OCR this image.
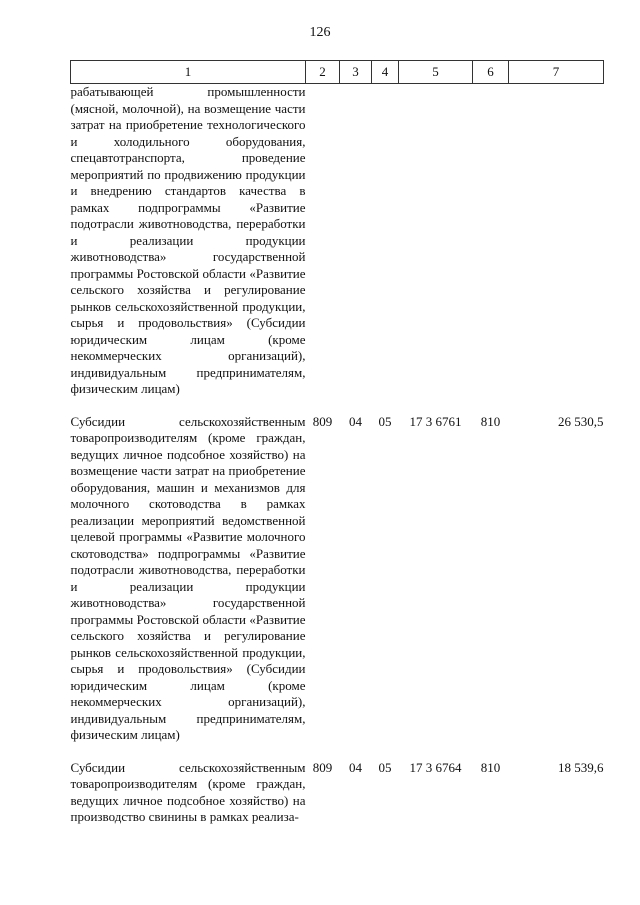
126
1	2	3	4	5	6	7
рабатывающей промышленности (мясной, молочной), на возмещение части затрат на приобретение технологического и холодильного оборудования, спецавтотранспорта, проведение мероприятий по продвижению продукции и внедрению стандартов качества в рамках подпрограммы «Развитие подотрасли животноводства, переработки и реализации продукции животноводства» государственной программы Ростовской области «Развитие сельского хозяйства и регулирование рынков сельскохозяйственной продукции, сырья и продовольствия» (Субсидии юридическим лицам (кроме некоммерческих организаций), индивидуальным предпринимателям, физическим лицам)						

Субсидии сельскохозяйственным товаропроизводителям (кроме граждан, ведущих личное подсобное хозяйство) на возмещение части затрат на приобретение оборудования, машин и механизмов для молочного скотоводства в рамках реализации мероприятий ведомственной целевой программы «Развитие молочного скотоводства» подпрограммы «Развитие подотрасли животноводства, переработки и реализации продукции животноводства» государственной программы Ростовской области «Развитие сельского хозяйства и регулирование рынков сельскохозяйственной продукции, сырья и продовольствия» (Субсидии юридическим лицам (кроме некоммерческих организаций), индивидуальным предпринимателям, физическим лицам)	809	04	05	17 3 6761	810	26 530,5

Субсидии сельскохозяйственным товаропроизводителям (кроме граждан, ведущих личное подсобное хозяйство) на производство свинины в рамках реализа-	809	04	05	17 3 6764	810	18 539,6
